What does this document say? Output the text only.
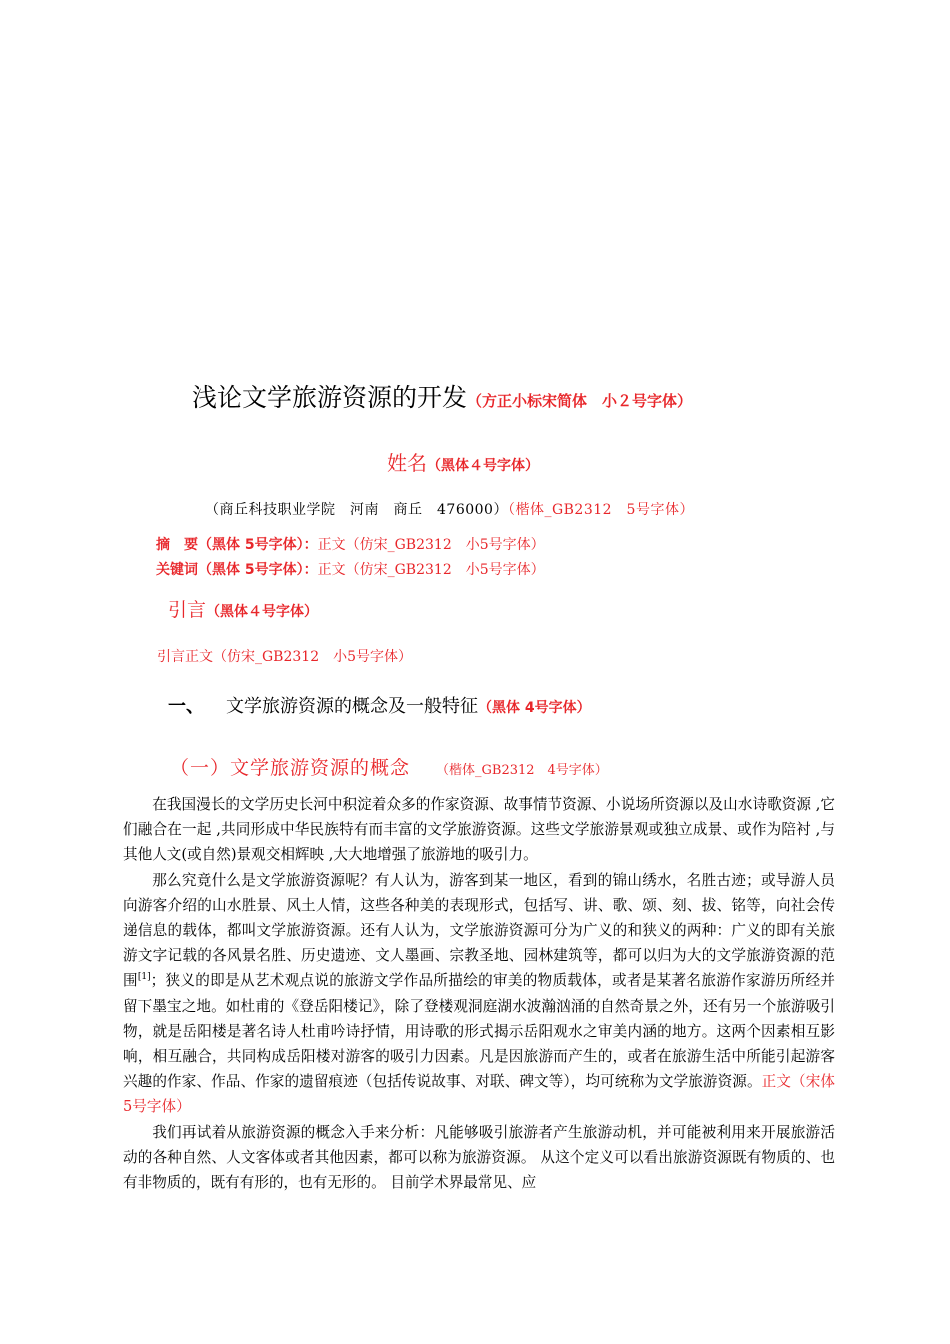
浅论文学旅游资源的开发（方正小标宋简体　小２号字体）
姓名（黑体４号字体）
（商丘科技职业学院　河南　商丘　476000）（楷体_GB2312　5号字体）
摘　要（黑体 5号字体）：正文（仿宋_GB2312　小5号字体）
关键词（黑体 5号字体）：正文（仿宋_GB2312　小5号字体）
引言（黑体４号字体）
引言正文（仿宋_GB2312　小5号字体）
一、 文学旅游资源的概念及一般特征（黑体 4号字体）
（一）文学旅游资源的概念 （楷体_GB2312　4号字体）

在我国漫长的文学历史长河中积淀着众多的作家资源、故事情节资源、小说场所资源以及山水诗歌资源 ,它们融合在一起 ,共同形成中华民族特有而丰富的文学旅游资源。这些文学旅游景观或独立成景、或作为陪衬 ,与其他人文(或自然)景观交相辉映 ,大大地增强了旅游地的吸引力。

那么究竟什么是文学旅游资源呢？有人认为，游客到某一地区，看到的锦山绣水，名胜古迹；或导游人员向游客介绍的山水胜景、风土人情，这些各种美的表现形式，包括写、讲、歌、颂、刻、拔、铭等，向社会传递信息的载体，都叫文学旅游资源。还有人认为，文学旅游资源可分为广义的和狭义的两种：广义的即有关旅游文字记载的各风景名胜、历史遗迹、文人墨画、宗教圣地、园林建筑等，都可以归为大的文学旅游资源的范围[1]；狭义的即是从艺术观点说的旅游文学作品所描绘的审美的物质载体，或者是某著名旅游作家游历所经并留下墨宝之地。如杜甫的《登岳阳楼记》，除了登楼观洞庭湖水波瀚汹涌的自然奇景之外，还有另一个旅游吸引物，就是岳阳楼是著名诗人杜甫吟诗抒情，用诗歌的形式揭示岳阳观水之审美内涵的地方。这两个因素相互影响，相互融合，共同构成岳阳楼对游客的吸引力因素。凡是因旅游而产生的，或者在旅游生活中所能引起游客兴趣的作家、作品、作家的遗留痕迹（包括传说故事、对联、碑文等），均可统称为文学旅游资源。正文（宋体　5号字体）

我们再试着从旅游资源的概念入手来分析：凡能够吸引旅游者产生旅游动机，并可能被利用来开展旅游活动的各种自然、人文客体或者其他因素，都可以称为旅游资源。 从这个定义可以看出旅游资源既有物质的、也有非物质的，既有有形的，也有无形的。 目前学术界最常见、应
